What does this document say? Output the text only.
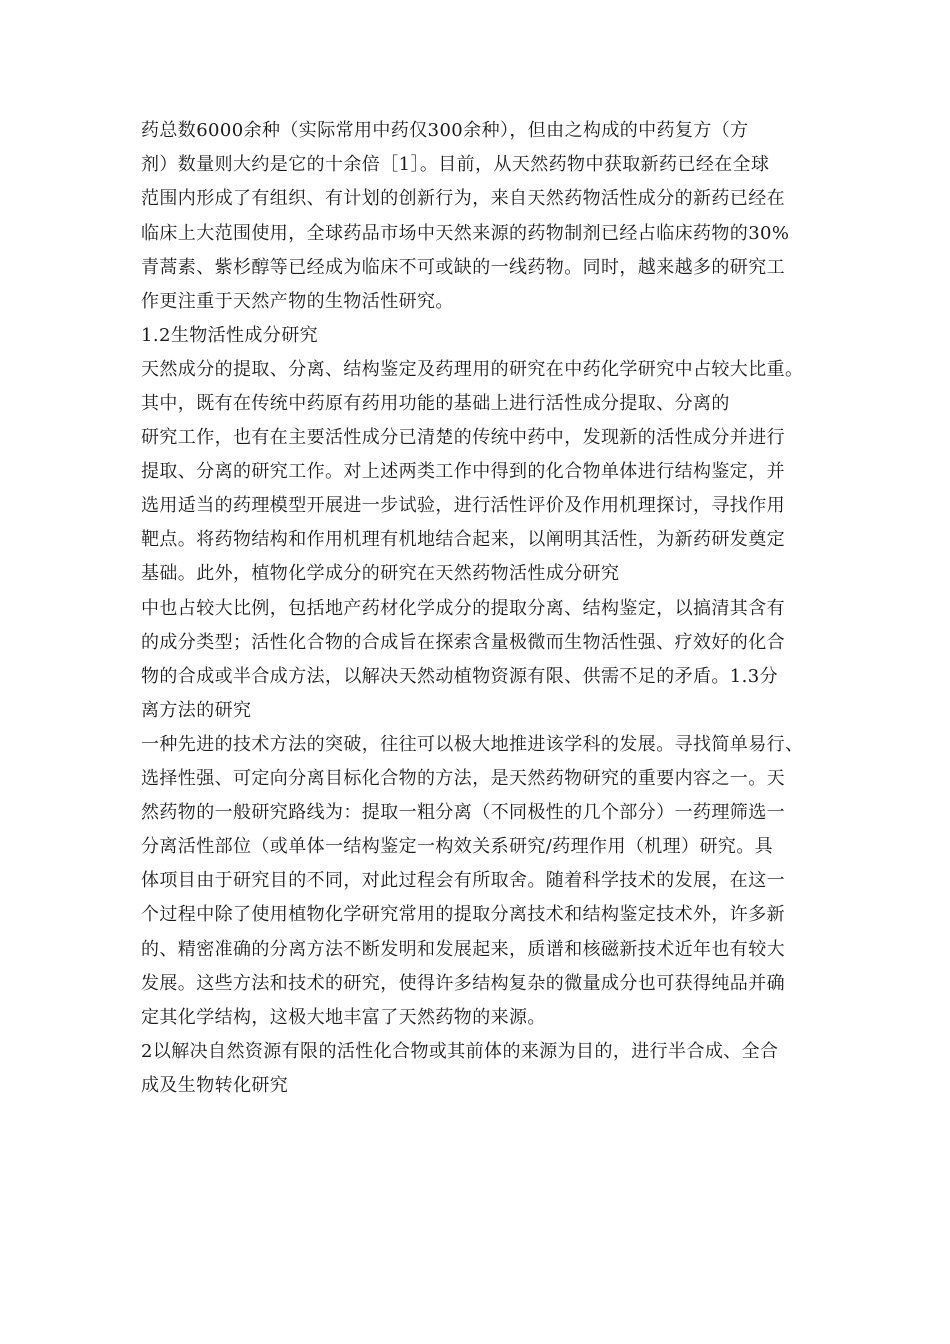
药总数6000余种（实际常用中药仅300余种），但由之构成的中药复方（方
剂）数量则大约是它的十余倍［1］。目前，从天然药物中获取新药已经在全球
范围内形成了有组织、有计划的创新行为，来自天然药物活性成分的新药已经在
临床上大范围使用，全球药品市场中天然来源的药物制剂已经占临床药物的30%
青蒿素、紫杉醇等已经成为临床不可或缺的一线药物。同时，越来越多的研究工
作更注重于天然产物的生物活性研究。
1.2生物活性成分研究
天然成分的提取、分离、结构鉴定及药理用的研究在中药化学研究中占较大比重。
其中，既有在传统中药原有药用功能的基础上进行活性成分提取、分离的
研究工作，也有在主要活性成分已清楚的传统中药中，发现新的活性成分并进行
提取、分离的研究工作。对上述两类工作中得到的化合物单体进行结构鉴定，并
选用适当的药理模型开展进一步试验，进行活性评价及作用机理探讨，寻找作用
靶点。将药物结构和作用机理有机地结合起来，以阐明其活性，为新药研发奠定
基础。此外，植物化学成分的研究在天然药物活性成分研究
中也占较大比例，包括地产药材化学成分的提取分离、结构鉴定，以搞清其含有
的成分类型；活性化合物的合成旨在探索含量极微而生物活性强、疗效好的化合
物的合成或半合成方法，以解决天然动植物资源有限、供需不足的矛盾。1.3分
离方法的研究
一种先进的技术方法的突破，往往可以极大地推进该学科的发展。寻找简单易行、
选择性强、可定向分离目标化合物的方法，是天然药物研究的重要内容之一。天
然药物的一般研究路线为：提取一粗分离（不同极性的几个部分）一药理筛选一
分离活性部位（或单体一结构鉴定一构效关系研究/药理作用（机理）研究。具
体项目由于研究目的不同，对此过程会有所取舍。随着科学技术的发展，在这一
个过程中除了使用植物化学研究常用的提取分离技术和结构鉴定技术外，许多新
的、精密准确的分离方法不断发明和发展起来，质谱和核磁新技术近年也有较大
发展。这些方法和技术的研究，使得许多结构复杂的微量成分也可获得纯品并确
定其化学结构，这极大地丰富了天然药物的来源。
2以解决自然资源有限的活性化合物或其前体的来源为目的，进行半合成、全合
成及生物转化研究
